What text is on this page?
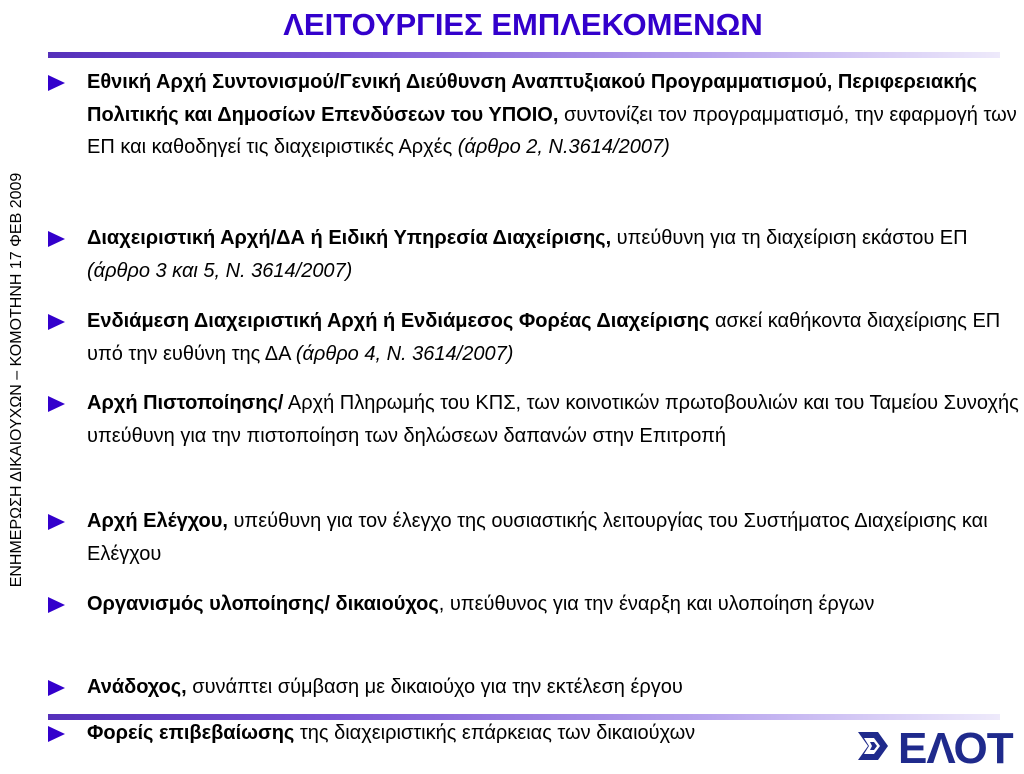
ΛΕΙΤΟΥΡΓΙΕΣ ΕΜΠΛΕΚΟΜΕΝΩΝ
ΕΝΗΜΕΡΩΣΗ ΔΙΚΑΙΟΥΧΩΝ – ΚΟΜΟΤΗΝΗ 17 ΦΕΒ 2009
Εθνική Αρχή Συντονισμού/Γενική Διεύθυνση Αναπτυξιακού Προγραμματισμού, Περιφερειακής Πολιτικής και Δημοσίων Επενδύσεων του ΥΠΟΙΟ, συντονίζει τον προγραμματισμό, την εφαρμογή των ΕΠ και καθοδηγεί τις διαχειριστικές Αρχές (άρθρο 2, Ν.3614/2007)
Διαχειριστική Αρχή/ΔΑ ή Ειδική Υπηρεσία Διαχείρισης, υπεύθυνη για τη διαχείριση εκάστου ΕΠ (άρθρο 3 και 5, Ν. 3614/2007)
Ενδιάμεση Διαχειριστική Αρχή ή Ενδιάμεσος Φορέας Διαχείρισης ασκεί καθήκοντα διαχείρισης ΕΠ υπό την ευθύνη της ΔΑ (άρθρο 4, Ν. 3614/2007)
Αρχή Πιστοποίησης/ Αρχή Πληρωμής του ΚΠΣ, των κοινοτικών πρωτοβουλιών και του Ταμείου Συνοχής υπεύθυνη για την πιστοποίηση των δηλώσεων δαπανών στην Επιτροπή
Αρχή Ελέγχου, υπεύθυνη για τον έλεγχο της ουσιαστικής λειτουργίας του Συστήματος Διαχείρισης και Ελέγχου
Οργανισμός υλοποίησης/ δικαιούχος, υπεύθυνος για την έναρξη και υλοποίηση έργων
Ανάδοχος, συνάπτει σύμβαση με δικαιούχο για την εκτέλεση έργου
Φορείς επιβεβαίωσης της διαχειριστικής επάρκειας των δικαιούχων	ΕΛΟΤ
